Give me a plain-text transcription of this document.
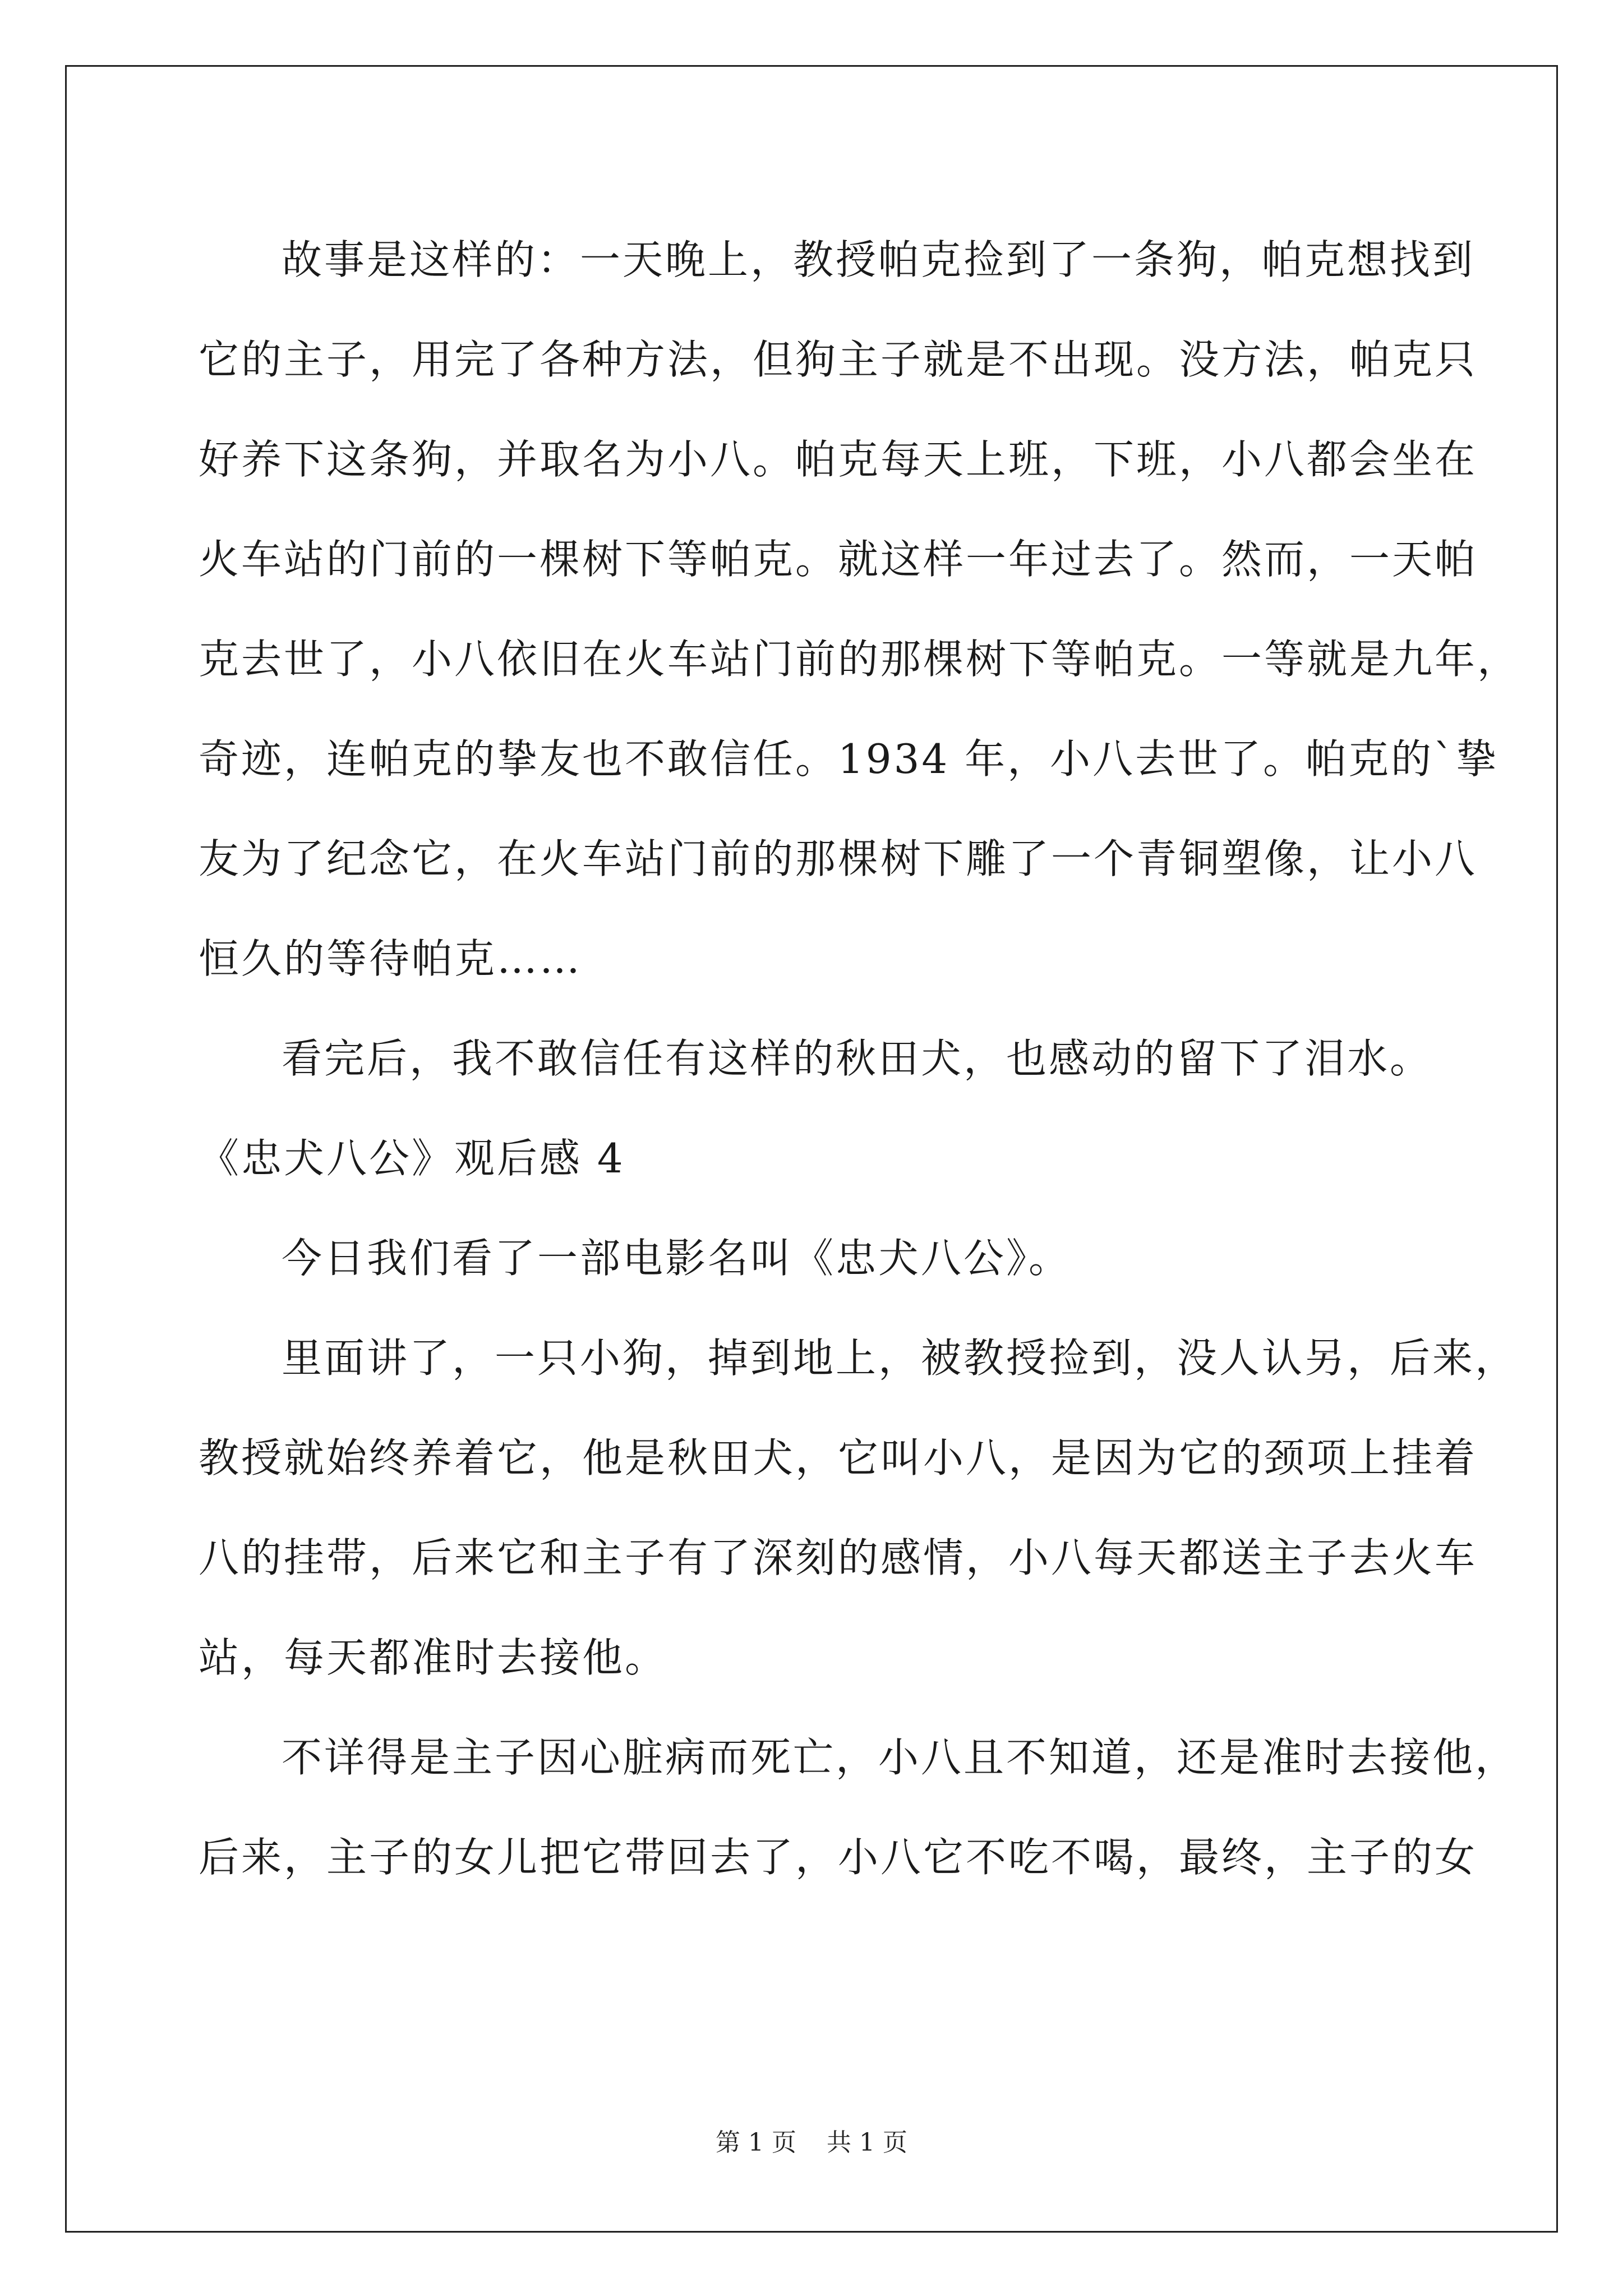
故事是这样的：一天晚上，教授帕克捡到了一条狗，帕克想找到
它的主子，用完了各种方法，但狗主子就是不出现。没方法，帕克只
好养下这条狗，并取名为小八。帕克每天上班，下班，小八都会坐在
火车站的门前的一棵树下等帕克。就这样一年过去了。然而，一天帕
克去世了，小八依旧在火车站门前的那棵树下等帕克。一等就是九年，
奇迹，连帕克的挚友也不敢信任。1934 年，小八去世了。帕克的`挚
友为了纪念它，在火车站门前的那棵树下雕了一个青铜塑像，让小八
恒久的等待帕克……
看完后，我不敢信任有这样的秋田犬，也感动的留下了泪水。
《忠犬八公》观后感 4
今日我们看了一部电影名叫《忠犬八公》。
里面讲了，一只小狗，掉到地上，被教授捡到，没人认另，后来，
教授就始终养着它，他是秋田犬，它叫小八，是因为它的颈项上挂着
八的挂带，后来它和主子有了深刻的感情，小八每天都送主子去火车
站，每天都准时去接他。
不详得是主子因心脏病而死亡，小八且不知道，还是准时去接他，
后来，主子的女儿把它带回去了，小八它不吃不喝，最终，主子的女
第 1 页 共 1 页
